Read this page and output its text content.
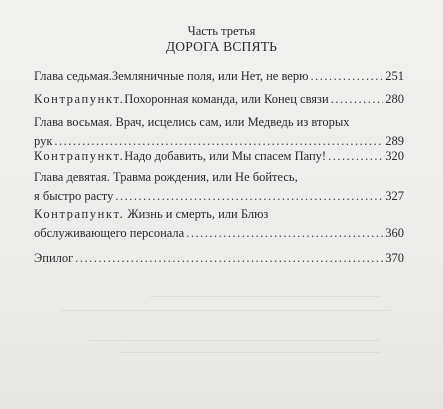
Часть третья
ДОРОГА ВСПЯТЬ
Глава седьмая. Земляничные поля, или Нет, не верю .....	251
Контрапункт. Похоронная команда, или Конец связи .....	280
Глава восьмая. Врач, исцелись сам, или Медведь из вторых
рук .....	289
Контрапункт. Надо добавить, или Мы спасем Папу! .....	320
Глава девятая. Травма рождения, или Не бойтесь,
я быстро расту .....	327
Контрапункт. Жизнь и смерть, или Блюз
обслуживающего персонала .....	360
Эпилог .....	370
